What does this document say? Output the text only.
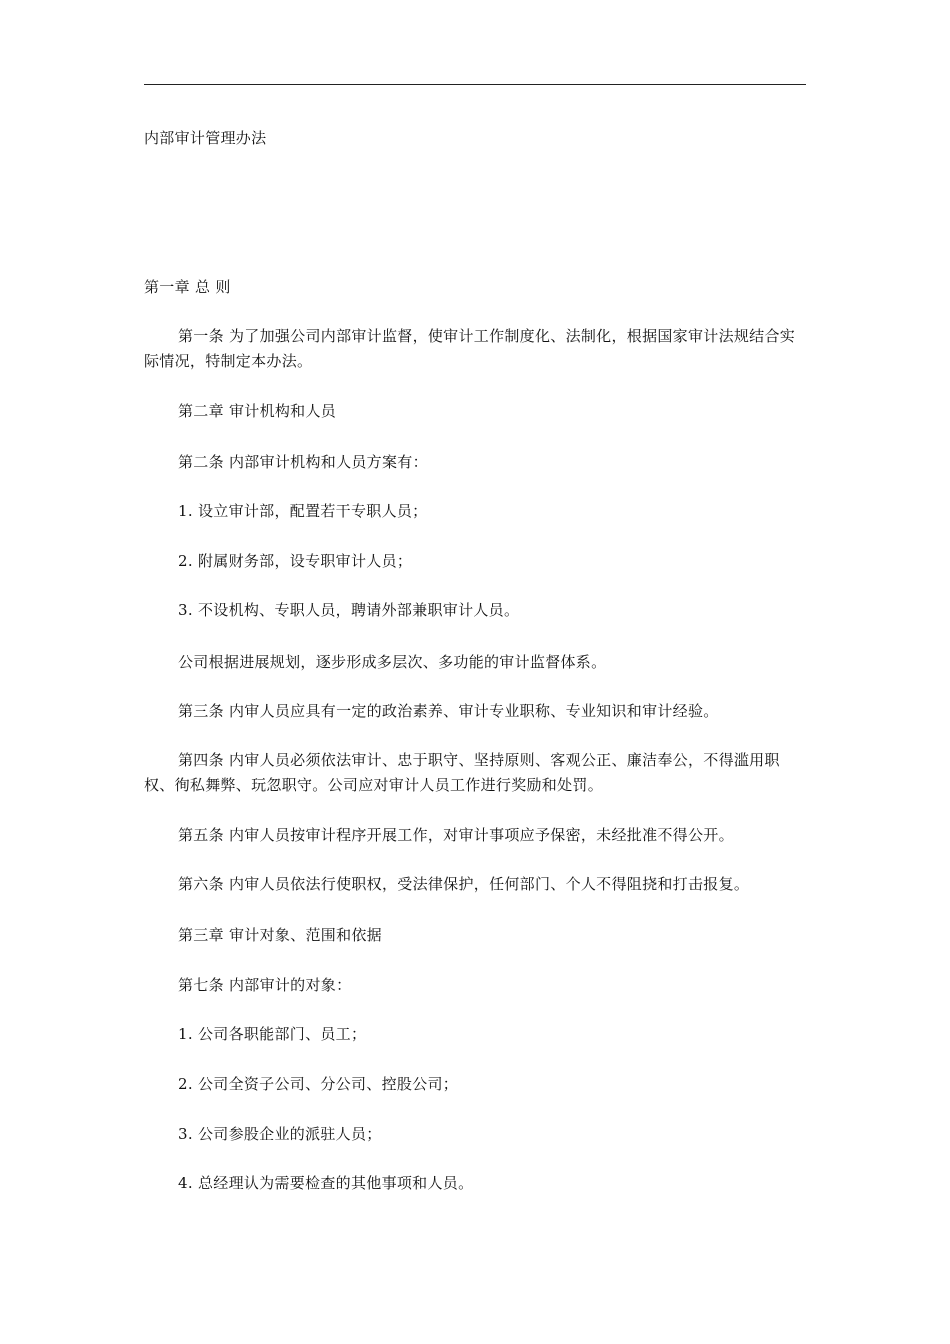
内部审计管理办法
第一章 总 则
第一条 为了加强公司内部审计监督，使审计工作制度化、法制化，根据国家审计法规结合实际情况，特制定本办法。
第二章 审计机构和人员
第二条 内部审计机构和人员方案有：
1. 设立审计部，配置若干专职人员；
2. 附属财务部，设专职审计人员；
3. 不设机构、专职人员，聘请外部兼职审计人员。
公司根据进展规划，逐步形成多层次、多功能的审计监督体系。
第三条 内审人员应具有一定的政治素养、审计专业职称、专业知识和审计经验。
第四条 内审人员必须依法审计、忠于职守、坚持原则、客观公正、廉洁奉公，不得滥用职权、徇私舞弊、玩忽职守。公司应对审计人员工作进行奖励和处罚。
第五条 内审人员按审计程序开展工作，对审计事项应予保密，未经批准不得公开。
第六条 内审人员依法行使职权，受法律保护，任何部门、个人不得阻挠和打击报复。
第三章 审计对象、范围和依据
第七条 内部审计的对象：
1. 公司各职能部门、员工；
2. 公司全资子公司、分公司、控股公司；
3. 公司参股企业的派驻人员；
4. 总经理认为需要检查的其他事项和人员。
